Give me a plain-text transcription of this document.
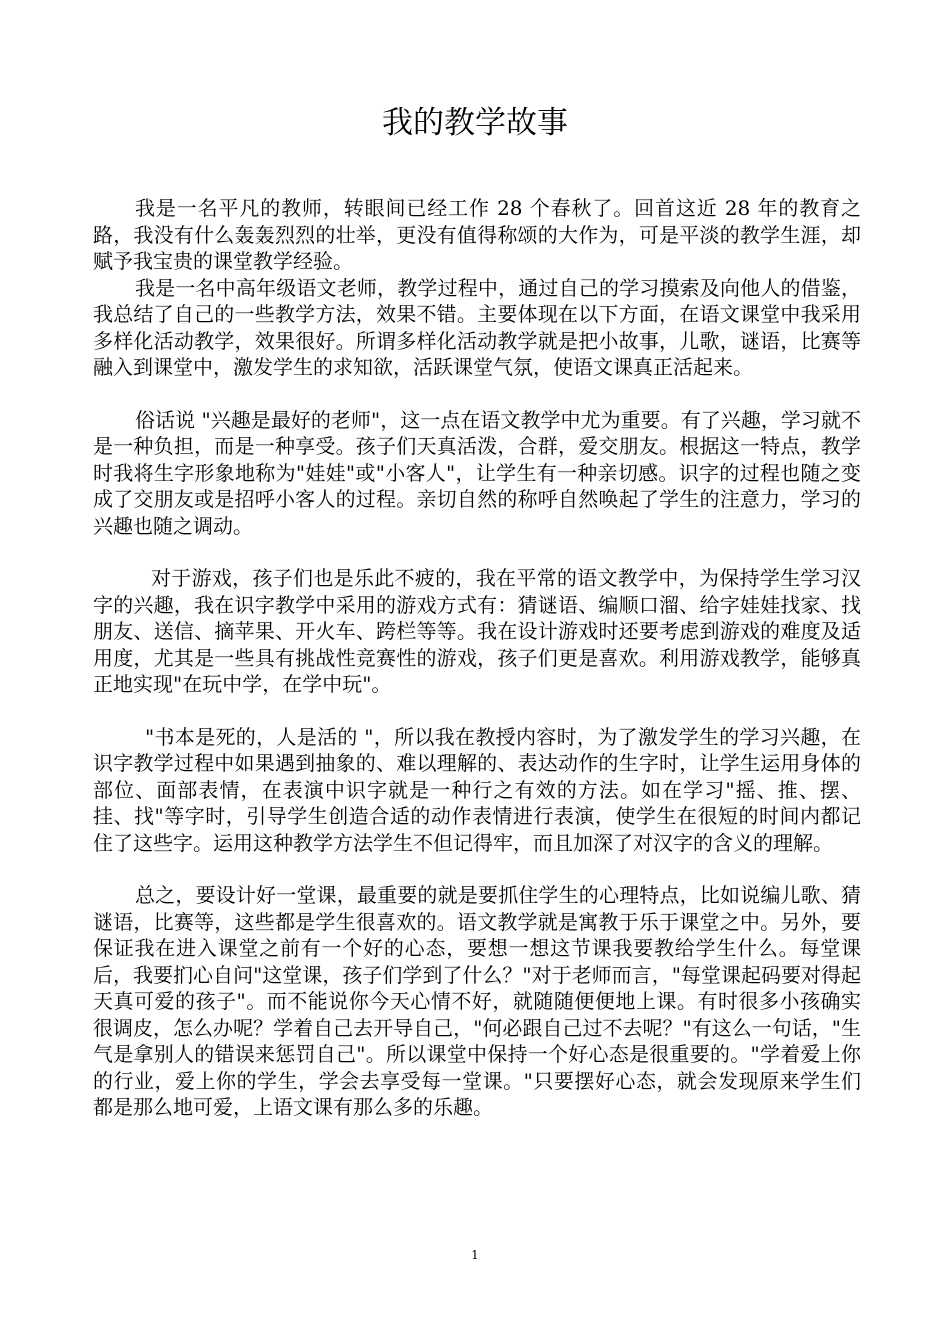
我的教学故事

我是一名平凡的教师，转眼间已经工作 28 个春秋了。回首这近 28 年的教育之路，我没有什么轰轰烈烈的壮举，更没有值得称颂的大作为，可是平淡的教学生涯，却赋予我宝贵的课堂教学经验。

我是一名中高年级语文老师，教学过程中，通过自己的学习摸索及向他人的借鉴，我总结了自己的一些教学方法，效果不错。主要体现在以下方面，在语文课堂中我采用多样化活动教学，效果很好。所谓多样化活动教学就是把小故事，儿歌，谜语，比赛等融入到课堂中，激发学生的求知欲，活跃课堂气氛，使语文课真正活起来。

俗话说 "兴趣是最好的老师"，这一点在语文教学中尤为重要。有了兴趣，学习就不是一种负担，而是一种享受。孩子们天真活泼，合群，爱交朋友。根据这一特点，教学时我将生字形象地称为"娃娃"或"小客人"，让学生有一种亲切感。识字的过程也随之变成了交朋友或是招呼小客人的过程。亲切自然的称呼自然唤起了学生的注意力，学习的兴趣也随之调动。

对于游戏，孩子们也是乐此不疲的，我在平常的语文教学中，为保持学生学习汉字的兴趣，我在识字教学中采用的游戏方式有：猜谜语、编顺口溜、给字娃娃找家、找朋友、送信、摘苹果、开火车、跨栏等等。我在设计游戏时还要考虑到游戏的难度及适用度，尤其是一些具有挑战性竞赛性的游戏，孩子们更是喜欢。利用游戏教学，能够真正地实现"在玩中学，在学中玩"。

"书本是死的，人是活的 "，所以我在教授内容时，为了激发学生的学习兴趣，在识字教学过程中如果遇到抽象的、难以理解的、表达动作的生字时，让学生运用身体的部位、面部表情，在表演中识字就是一种行之有效的方法。如在学习"摇、推、摆、挂、找"等字时，引导学生创造合适的动作表情进行表演，使学生在很短的时间内都记住了这些字。运用这种教学方法学生不但记得牢，而且加深了对汉字的含义的理解。

总之，要设计好一堂课，最重要的就是要抓住学生的心理特点，比如说编儿歌、猜谜语，比赛等，这些都是学生很喜欢的。语文教学就是寓教于乐于课堂之中。另外，要保证我在进入课堂之前有一个好的心态，要想一想这节课我要教给学生什么。每堂课后，我要扪心自问"这堂课，孩子们学到了什么？"对于老师而言，"每堂课起码要对得起天真可爱的孩子"。而不能说你今天心情不好，就随随便便地上课。有时很多小孩确实很调皮，怎么办呢？学着自己去开导自己，"何必跟自己过不去呢？"有这么一句话，"生气是拿别人的错误来惩罚自己"。所以课堂中保持一个好心态是很重要的。"学着爱上你的行业，爱上你的学生，学会去享受每一堂课。"只要摆好心态，就会发现原来学生们都是那么地可爱，上语文课有那么多的乐趣。

1
